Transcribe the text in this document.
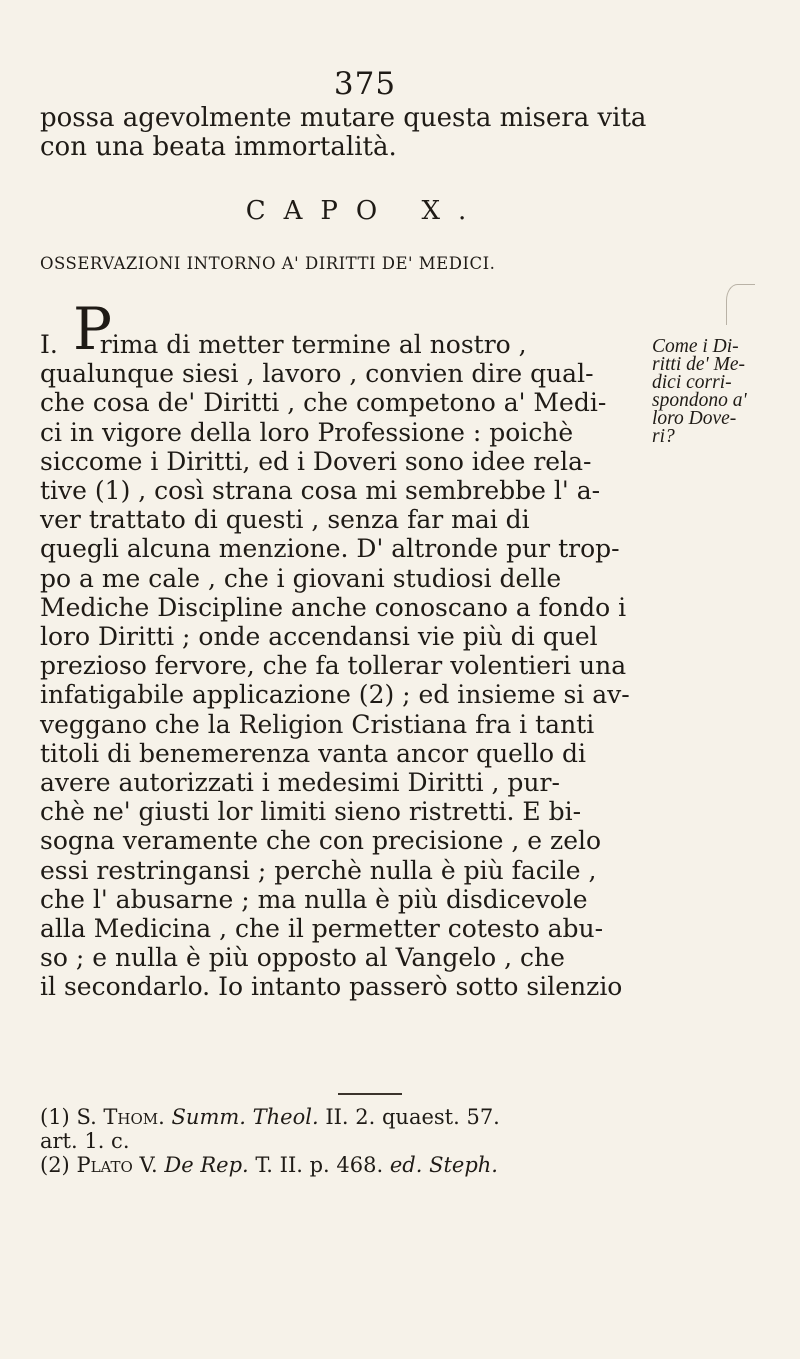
375
possa agevolmente mutare questa misera vita
con una beata immortalità.
CAPO X.
OSSERVAZIONI INTORNO A' DIRITTI DE' MEDICI.
I. P
rima di metter termine al nostro ,
qualunque siesi , lavoro , convien dire qual-
che cosa de' Diritti , che competono a' Medi-
ci in vigore della loro Professione : poichè
siccome i Diritti, ed i Doveri sono idee rela-
tive (1) , così strana cosa mi sembrebbe l' a-
ver trattato di questi , senza far mai di
quegli alcuna menzione. D' altronde pur trop-
po a me cale , che i giovani studiosi delle
Mediche Discipline anche conoscano a fondo i
loro Diritti ; onde accendansi vie più di quel
prezioso fervore, che fa tollerar volentieri una
infatigabile applicazione (2) ; ed insieme si av-
veggano che la Religion Cristiana fra i tanti
titoli di benemerenza vanta ancor quello di
avere autorizzati i medesimi Diritti , pur-
chè ne' giusti lor limiti sieno ristretti. E bi-
sogna veramente che con precisione , e zelo
essi restringansi ; perchè nulla è più facile ,
che l' abusarne ; ma nulla è più disdicevole
alla Medicina , che il permetter cotesto abu-
so ; e nulla è più opposto al Vangelo , che
il secondarlo. Io intanto passerò sotto silenzio
Come i Di-
ritti de' Me-
dici corri-
spondono a'
loro Dove-
ri?
(1) S. Thom. Summ. Theol. II. 2. quaest. 57.
art. 1. c.
(2) Plato V. De Rep. T. II. p. 468. ed. Steph.
